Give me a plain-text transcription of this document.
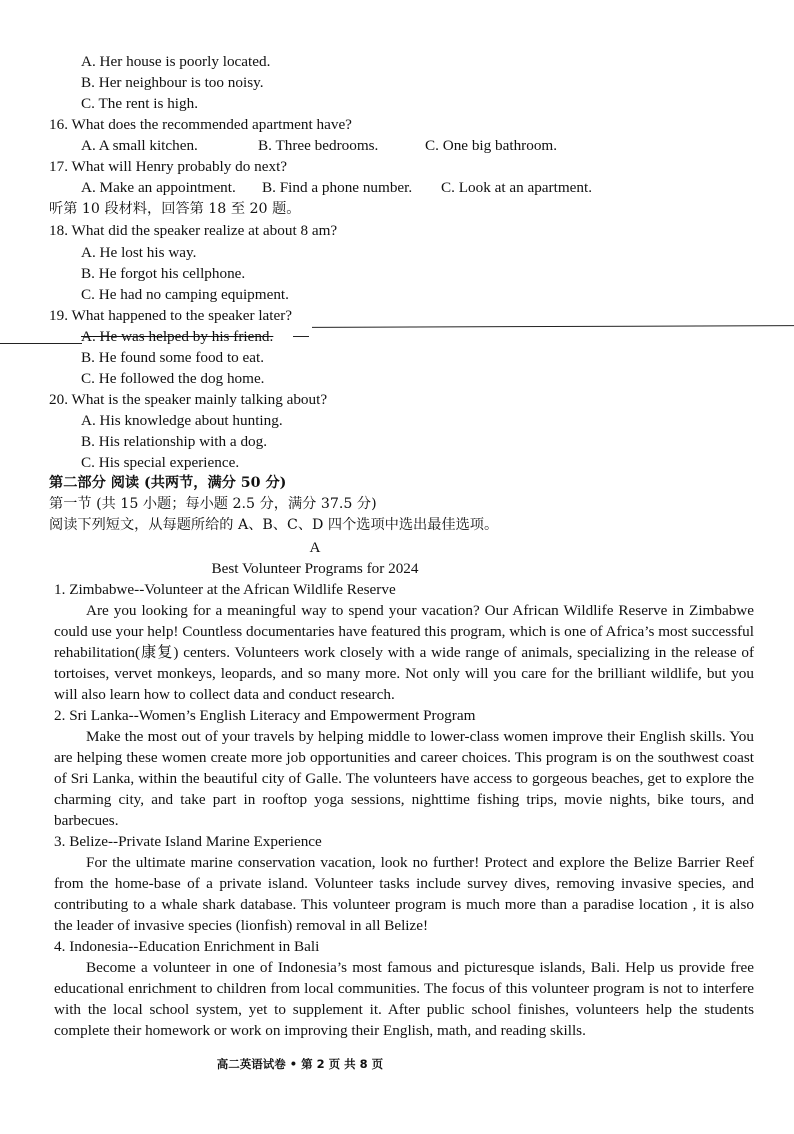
A. Her house is poorly located.
B. Her neighbour is too noisy.
C. The rent is high.
16. What does the recommended apartment have?
A. A small kitchen.	B. Three bedrooms.	C. One big bathroom.
17. What will Henry probably do next?
A. Make an appointment. B. Find a phone number. C. Look at an apartment.
听第 10 段材料，回答第 18 至 20 题。
18. What did the speaker realize at about 8 am?
A. He lost his way.
B. He forgot his cellphone.
C. He had no camping equipment.
19. What happened to the speaker later?
A. He was helped by his friend.
B. He found some food to eat.
C. He followed the dog home.
20. What is the speaker mainly talking about?
A. His knowledge about hunting.
B. His relationship with a dog.
C. His special experience.
第二部分 阅读 (共两节，满分 50 分)
第一节 (共 15 小题；每小题 2.5 分，满分 37.5 分)
阅读下列短文，从每题所给的 A、B、C、D 四个选项中选出最佳选项。
A
Best Volunteer Programs for 2024
1. Zimbabwe--Volunteer at the African Wildlife Reserve

Are you looking for a meaningful way to spend your vacation? Our African Wildlife Reserve in Zimbabwe could use your help! Countless documentaries have featured this program, which is one of Africa’s most successful rehabilitation(康复) centers. Volunteers work closely with a wide range of animals, specializing in the release of tortoises, vervet monkeys, leopards, and so many more. Not only will you care for the brilliant wildlife, but you will also learn how to collect data and conduct research.

2. Sri Lanka--Women’s English Literacy and Empowerment Program

Make the most out of your travels by helping middle to lower-class women improve their English skills. You are helping these women create more job opportunities and career choices. This program is on the southwest coast of Sri Lanka, within the beautiful city of Galle. The volunteers have access to gorgeous beaches, get to explore the charming city, and take part in rooftop yoga sessions, nighttime fishing trips, movie nights, bike tours, and barbecues.

3. Belize--Private Island Marine Experience

For the ultimate marine conservation vacation, look no further! Protect and explore the Belize Barrier Reef from the home-base of a private island. Volunteer tasks include survey dives, removing invasive species, and contributing to a whale shark database. This volunteer program is much more than a paradise location , it is also the leader of invasive species (lionfish) removal in all Belize!

4. Indonesia--Education Enrichment in Bali

Become a volunteer in one of Indonesia’s most famous and picturesque islands, Bali. Help us provide free educational enrichment to children from local communities. The focus of this volunteer program is not to interfere with the local school system, yet to supplement it. After public school finishes, volunteers help the students complete their homework or work on improving their English, math, and reading skills.

高二英语试卷 • 第 2 页 共 8 页
